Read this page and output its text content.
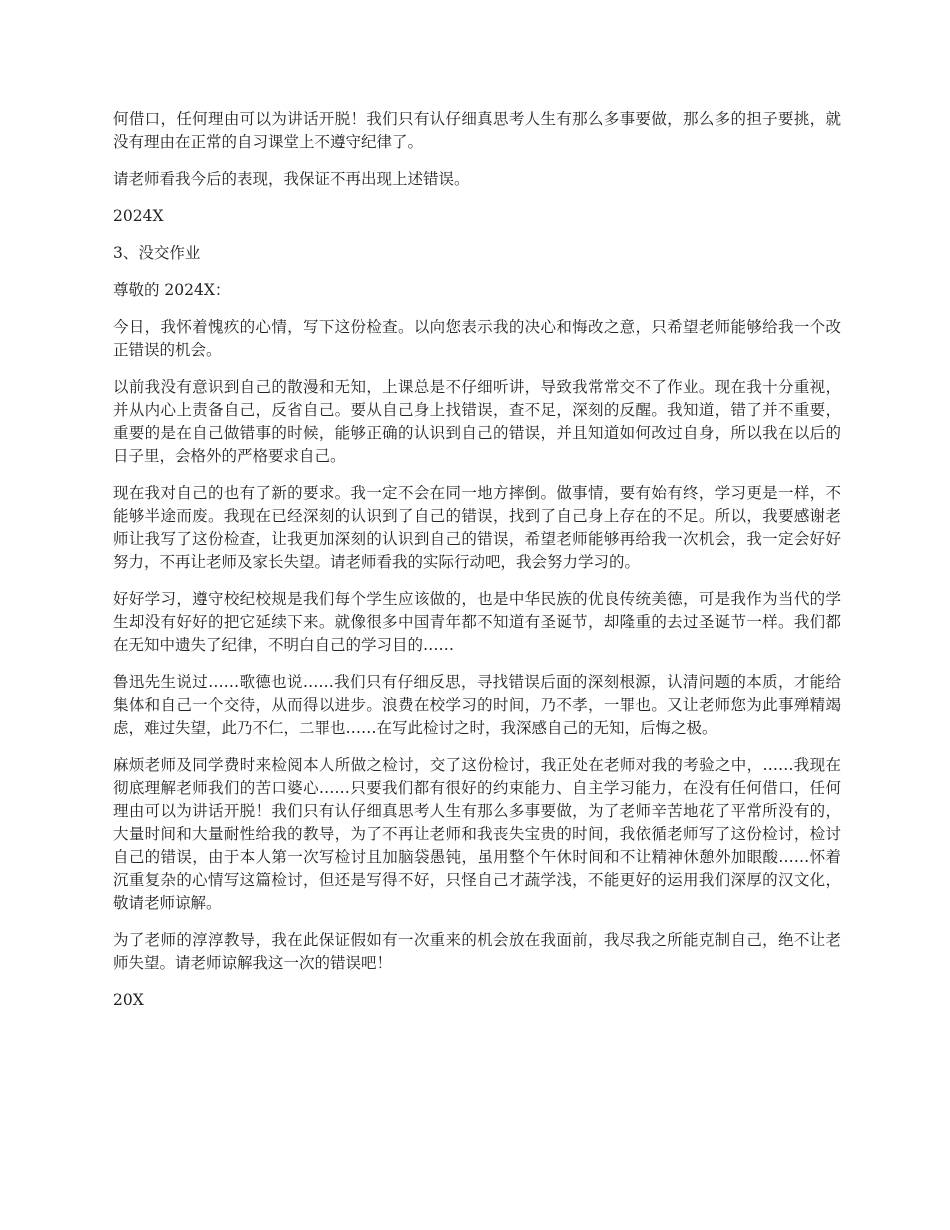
何借口，任何理由可以为讲话开脱！我们只有认仔细真思考人生有那么多事要做，那么多的担子要挑，就没有理由在正常的自习课堂上不遵守纪律了。

请老师看我今后的表现，我保证不再出现上述错误。

2024X

3、没交作业

尊敬的 2024X：

今日，我怀着愧疚的心情，写下这份检查。以向您表示我的决心和悔改之意，只希望老师能够给我一个改正错误的机会。

以前我没有意识到自己的散漫和无知，上课总是不仔细听讲，导致我常常交不了作业。现在我十分重视，并从内心上责备自己，反省自己。要从自己身上找错误，查不足，深刻的反醒。我知道，错了并不重要，重要的是在自己做错事的时候，能够正确的认识到自己的错误，并且知道如何改过自身，所以我在以后的日子里，会格外的严格要求自己。

现在我对自己的也有了新的要求。我一定不会在同一地方摔倒。做事情，要有始有终，学习更是一样，不能够半途而废。我现在已经深刻的认识到了自己的错误，找到了自己身上存在的不足。所以，我要感谢老师让我写了这份检查，让我更加深刻的认识到自己的错误，希望老师能够再给我一次机会，我一定会好好努力，不再让老师及家长失望。请老师看我的实际行动吧，我会努力学习的。

好好学习，遵守校纪校规是我们每个学生应该做的，也是中华民族的优良传统美德，可是我作为当代的学生却没有好好的把它延续下来。就像很多中国青年都不知道有圣诞节，却隆重的去过圣诞节一样。我们都在无知中遗失了纪律，不明白自己的学习目的……

鲁迅先生说过……歌德也说……我们只有仔细反思，寻找错误后面的深刻根源，认清问题的本质，才能给集体和自己一个交待，从而得以进步。浪费在校学习的时间，乃不孝，一罪也。又让老师您为此事殚精竭虑，难过失望，此乃不仁，二罪也……在写此检讨之时，我深感自己的无知，后悔之极。

麻烦老师及同学费时来检阅本人所做之检讨，交了这份检讨，我正处在老师对我的考验之中，……我现在彻底理解老师我们的苦口婆心……只要我们都有很好的约束能力、自主学习能力，在没有任何借口，任何理由可以为讲话开脱！我们只有认仔细真思考人生有那么多事要做，为了老师辛苦地花了平常所没有的，大量时间和大量耐性给我的教导，为了不再让老师和我丧失宝贵的时间，我依循老师写了这份检讨，检讨自己的错误，由于本人第一次写检讨且加脑袋愚钝，虽用整个午休时间和不让精神休憩外加眼酸……怀着沉重复杂的心情写这篇检讨，但还是写得不好，只怪自己才蔬学浅，不能更好的运用我们深厚的汉文化，敬请老师谅解。

为了老师的淳淳教导，我在此保证假如有一次重来的机会放在我面前，我尽我之所能克制自己，绝不让老师失望。请老师谅解我这一次的错误吧！

20X
